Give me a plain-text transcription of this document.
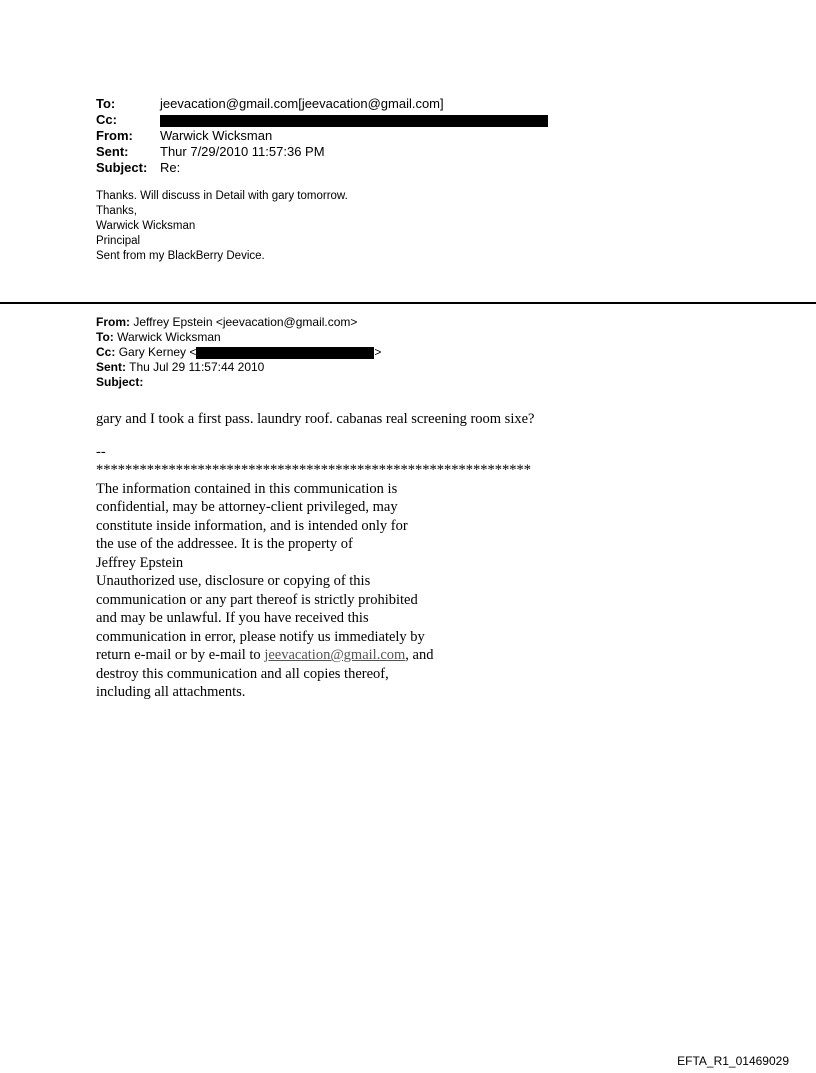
To:	jeevacation@gmail.com[jeevacation@gmail.com]
Cc:
From:	Warwick Wicksman
Sent:	Thur 7/29/2010 11:57:36 PM
Subject: Re:
Thanks. Will discuss in Detail with gary tomorrow.
Thanks,
Warwick Wicksman
Principal
Sent from my BlackBerry Device.
From: Jeffrey Epstein <jeevacation@gmail.com>
To: Warwick Wicksman
Cc: Gary Kerney <	>
Sent: Thu Jul 29 11:57:44 2010
Subject:
gary and I took a first pass. laundry roof. cabanas real screening room sixe?
--
************************************************************
The information contained in this communication is
confidential, may be attorney-client privileged, may
constitute inside information, and is intended only for
the use of the addressee. It is the property of
Jeffrey Epstein
Unauthorized use, disclosure or copying of this
communication or any part thereof is strictly prohibited
and may be unlawful. If you have received this
communication in error, please notify us immediately by
return e-mail or by e-mail to jeevacation@gmail.com, and
destroy this communication and all copies thereof,
including all attachments.
EFTA_R1_01469029
